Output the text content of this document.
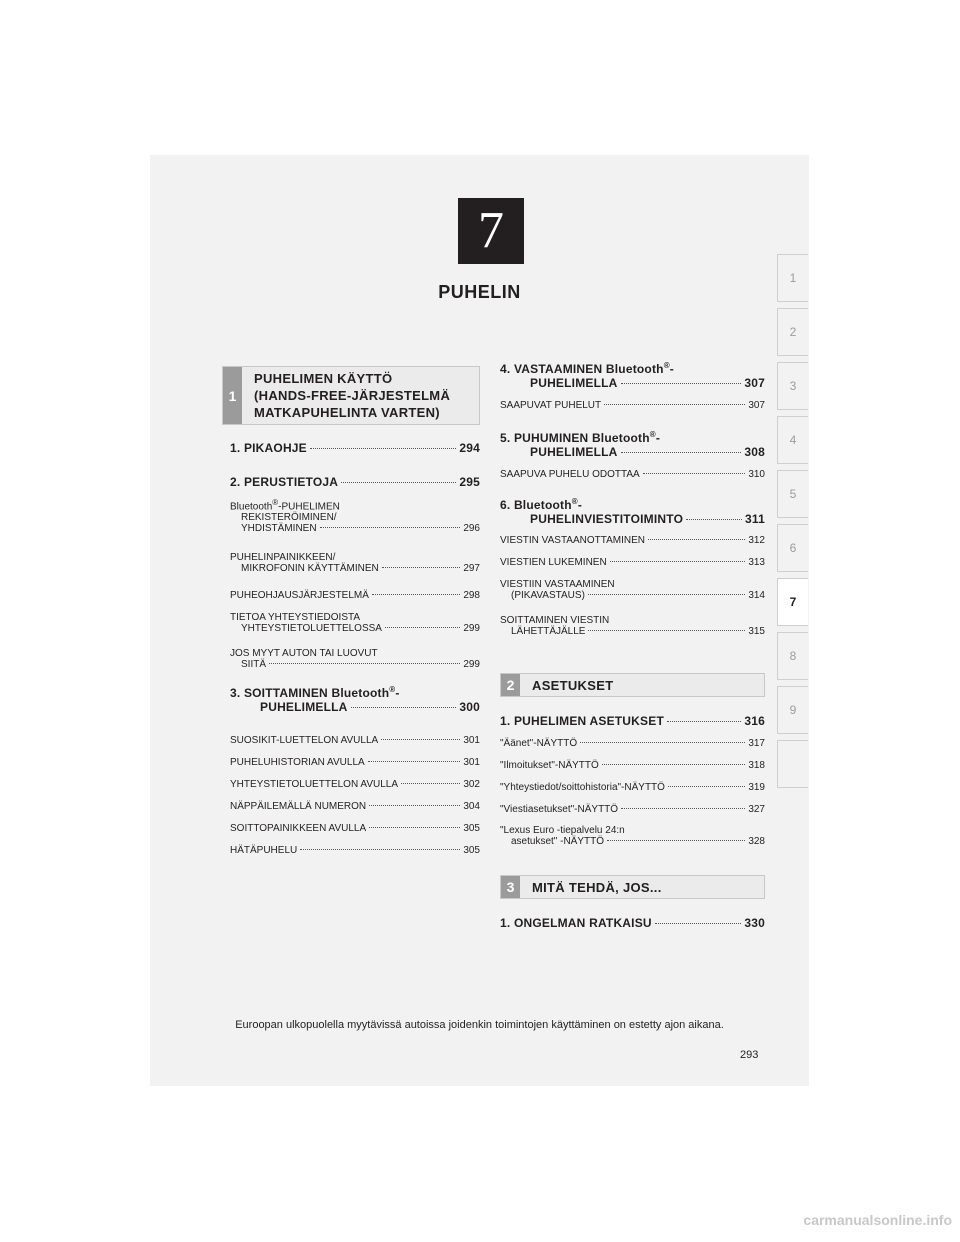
7
PUHELIN
1
2
3
4
5
6
7
8
9
1
PUHELIMEN KÄYTTÖ
(HANDS-FREE-JÄRJESTELMÄ
MATKAPUHELINTA VARTEN)
1. PIKAOHJE	294
2. PERUSTIETOJA	295
Bluetooth®-PUHELIMEN
REKISTERÖIMINEN/
YHDISTÄMINEN	296
PUHELINPAINIKKEEN/
MIKROFONIN KÄYTTÄMINEN	297
PUHEOHJAUSJÄRJESTELMÄ	298
TIETOA YHTEYSTIEDOISTA
YHTEYSTIETOLUETTELOSSA	299
JOS MYYT AUTON TAI LUOVUT
SIITÄ	299
3. SOITTAMINEN Bluetooth®-
PUHELIMELLA	300
SUOSIKIT-LUETTELON AVULLA	301
PUHELUHISTORIAN AVULLA	301
YHTEYSTIETOLUETTELON AVULLA	302
NÄPPÄILEMÄLLÄ NUMERON	304
SOITTOPAINIKKEEN AVULLA	305
HÄTÄPUHELU	305
4. VASTAAMINEN Bluetooth®-
PUHELIMELLA	307
SAAPUVAT PUHELUT	307
5. PUHUMINEN Bluetooth®-
PUHELIMELLA	308
SAAPUVA PUHELU ODOTTAA	310
6. Bluetooth®-
PUHELINVIESTITOIMINTO	311
VIESTIN VASTAANOTTAMINEN	312
VIESTIEN LUKEMINEN	313
VIESTIIN VASTAAMINEN
(PIKAVASTAUS)	314
SOITTAMINEN VIESTIN
LÄHETTÄJÄLLE	315
2	ASETUKSET
1. PUHELIMEN ASETUKSET	316
"Äänet"-NÄYTTÖ	317
"Ilmoitukset"-NÄYTTÖ	318
"Yhteystiedot/soittohistoria"-NÄYTTÖ	319
"Viestiasetukset"-NÄYTTÖ	327
"Lexus Euro -tiepalvelu 24:n
asetukset" -NÄYTTÖ	328
3	MITÄ TEHDÄ, JOS...
1. ONGELMAN RATKAISU	330
Euroopan ulkopuolella myytävissä autoissa joidenkin toimintojen käyttäminen on estetty ajon aikana.
293
carmanualsonline.info
